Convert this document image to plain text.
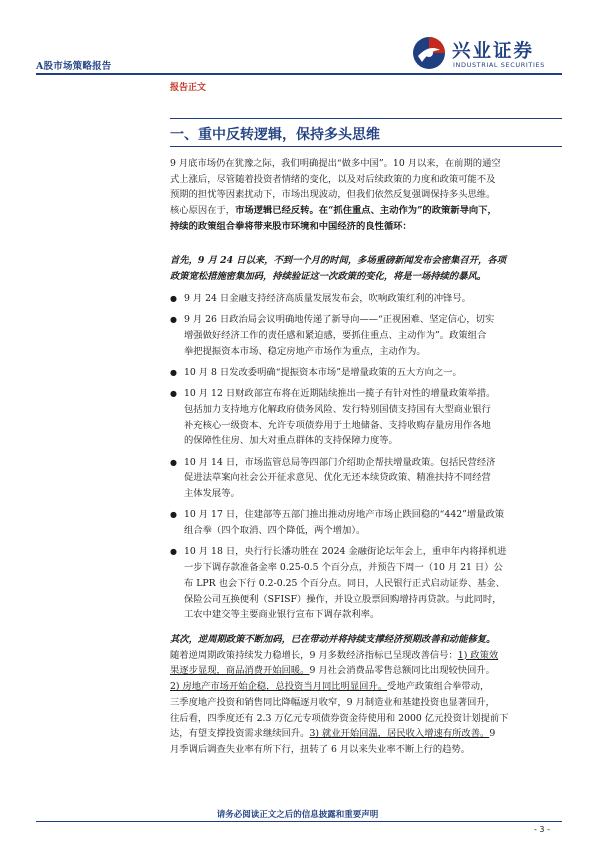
A股市场策略报告
兴业证券
INDUSTRIAL SECURITIES
报告正文
一、重中反转逻辑，保持多头思维

9 月底市场仍在犹豫之际，我们明确提出“做多中国”。10 月以来，在前期的通空

式上涨后，尽管随着投资者情绪的变化，以及对后续政策的力度和政策可能不及

预期的担忧等因素扰动下，市场出现波动，但我们依然反复强调保持多头思维。

核心原因在于，市场逻辑已经反转。在“抓住重点、主动作为”的政策新导向下，

持续的政策组合拳将带来股市环境和中国经济的良性循环：

首先，9 月 24 日以来，不到一个月的时间，多场重磅新闻发布会密集召开，各项

政策宽松措施密集加码，持续验证这一次政策的变化，将是一场持续的暴风。

● 9 月 24 日金融支持经济高质量发展发布会，吹响政策红利的冲锋号。

● 9 月 26 日政治局会议明确地传递了新导向——“正视困难、坚定信心，切实

增强做好经济工作的责任感和紧迫感，要抓住重点、主动作为”。政策组合

拳把提振资本市场、稳定房地产市场作为重点，主动作为。

● 10 月 8 日发改委明确“提振资本市场”是增量政策的五大方向之一。

● 10 月 12 日财政部宣布将在近期陆续推出一揽子有针对性的增量政策举措。

包括加力支持地方化解政府债务风险、发行特别国债支持国有大型商业银行

补充核心一级资本、允许专项债券用于土地储备、支持收购存量房用作各地

的保障性住房、加大对重点群体的支持保障力度等。

● 10 月 14 日，市场监管总局等四部门介绍助企帮扶增量政策。包括民营经济

促进法草案向社会公开征求意见、优化无还本续贷政策、精准扶持不同经营

主体发展等。

● 10 月 17 日，住建部等五部门推出推动房地产市场止跌回稳的“442”增量政策

组合拳（四个取消、四个降低，两个增加）。

● 10 月 18 日，央行行长潘功胜在 2024 金融街论坛年会上，重申年内将择机进

一步下调存款准备金率 0.25-0.5 个百分点，并预告下周一（10 月 21 日）公

布 LPR 也会下行 0.2-0.25 个百分点。同日，人民银行正式启动证券、基金、

保险公司互换便利（SFISF）操作，并设立股票回购增持再贷款。与此同时，

工农中建交等主要商业银行宣布下调存款利率。

其次，逆周期政策不断加码，已在带动并将持续支撑经济预期改善和动能修复。

随着逆周期政策持续发力稳增长，9 月多数经济指标已呈现改善信号：1) 政策效

果逐步显现，商品消费开始回暖。9 月社会消费品零售总额同比出现较快回升。

2) 房地产市场开始企稳，总投资当月同比明显回升。受地产政策组合拳带动，

三季度地产投资和销售同比降幅逐月收窄，9 月制造业和基建投资也显著回升，

往后看，四季度还有 2.3 万亿元专项债券资金待使用和 2000 亿元投资计划提前下

达，有望支撑投资需求继续回升。3) 就业开始回温，居民收入增速有所改善。9

月季调后调查失业率有所下行，扭转了 6 月以来失业率不断上行的趋势。

请务必阅读正文之后的信息披露和重要声明
- 3 -
